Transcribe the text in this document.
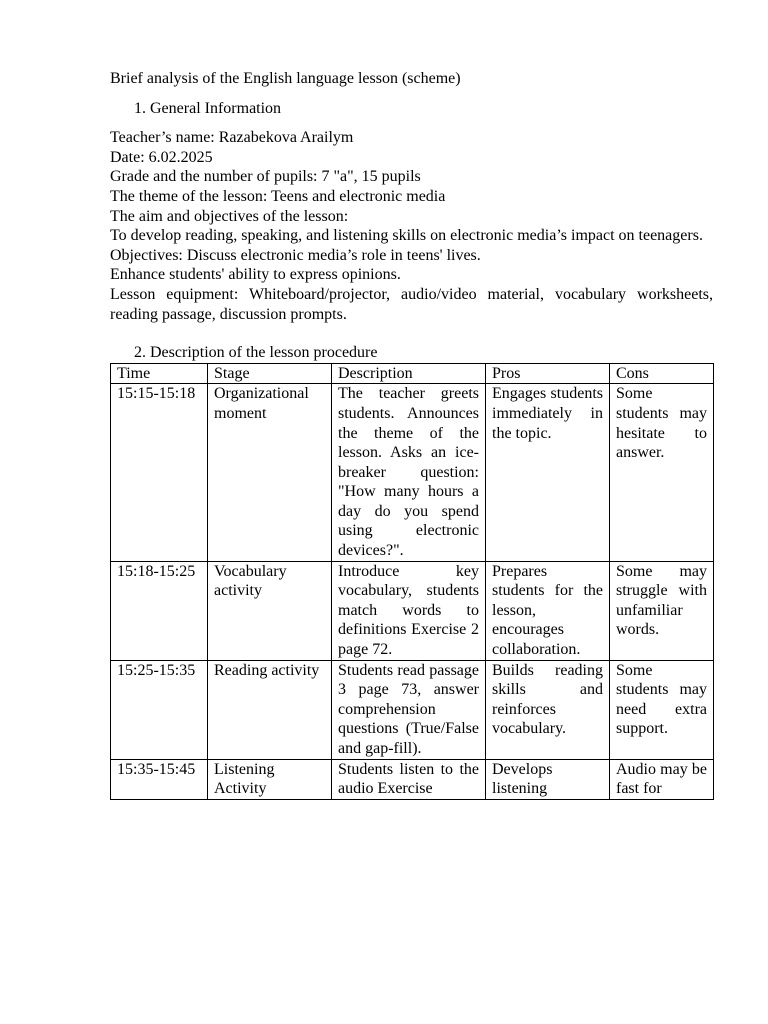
Brief analysis of the English language lesson (scheme)

1. General Information

Teacher’s name: Razabekova Arailym

Date: 6.02.2025

Grade and the number of pupils: 7 "a", 15 pupils

The theme of the lesson: Teens and electronic media

The aim and objectives of the lesson:

To develop reading, speaking, and listening skills on electronic media’s impact on teenagers.

Objectives: Discuss electronic media’s role in teens' lives.

Enhance students' ability to express opinions.

Lesson equipment: Whiteboard/projector, audio/video material, vocabulary worksheets, reading passage, discussion prompts.

2. Description of the lesson procedure

Time	Stage	Description	Pros	Cons
15:15-15:18	Organizational moment	The teacher greets students. Announces the theme of the lesson. Asks an ice-breaker question: "How many hours a day do you spend using electronic devices?".	Engages students immediately in the topic.	Some students may hesitate to answer.
15:18-15:25	Vocabulary activity	Introduce key vocabulary, students match words to definitions Exercise 2 page 72.	Prepares students for the lesson, encourages collaboration.	Some may struggle with unfamiliar words.
15:25-15:35	Reading activity	Students read passage 3 page 73, answer comprehension questions (True/False and gap-fill).	Builds reading skills and reinforces vocabulary.	Some students may need extra support.
15:35-15:45	Listening Activity	Students listen to the audio Exercise	Develops listening	Audio may be fast for
